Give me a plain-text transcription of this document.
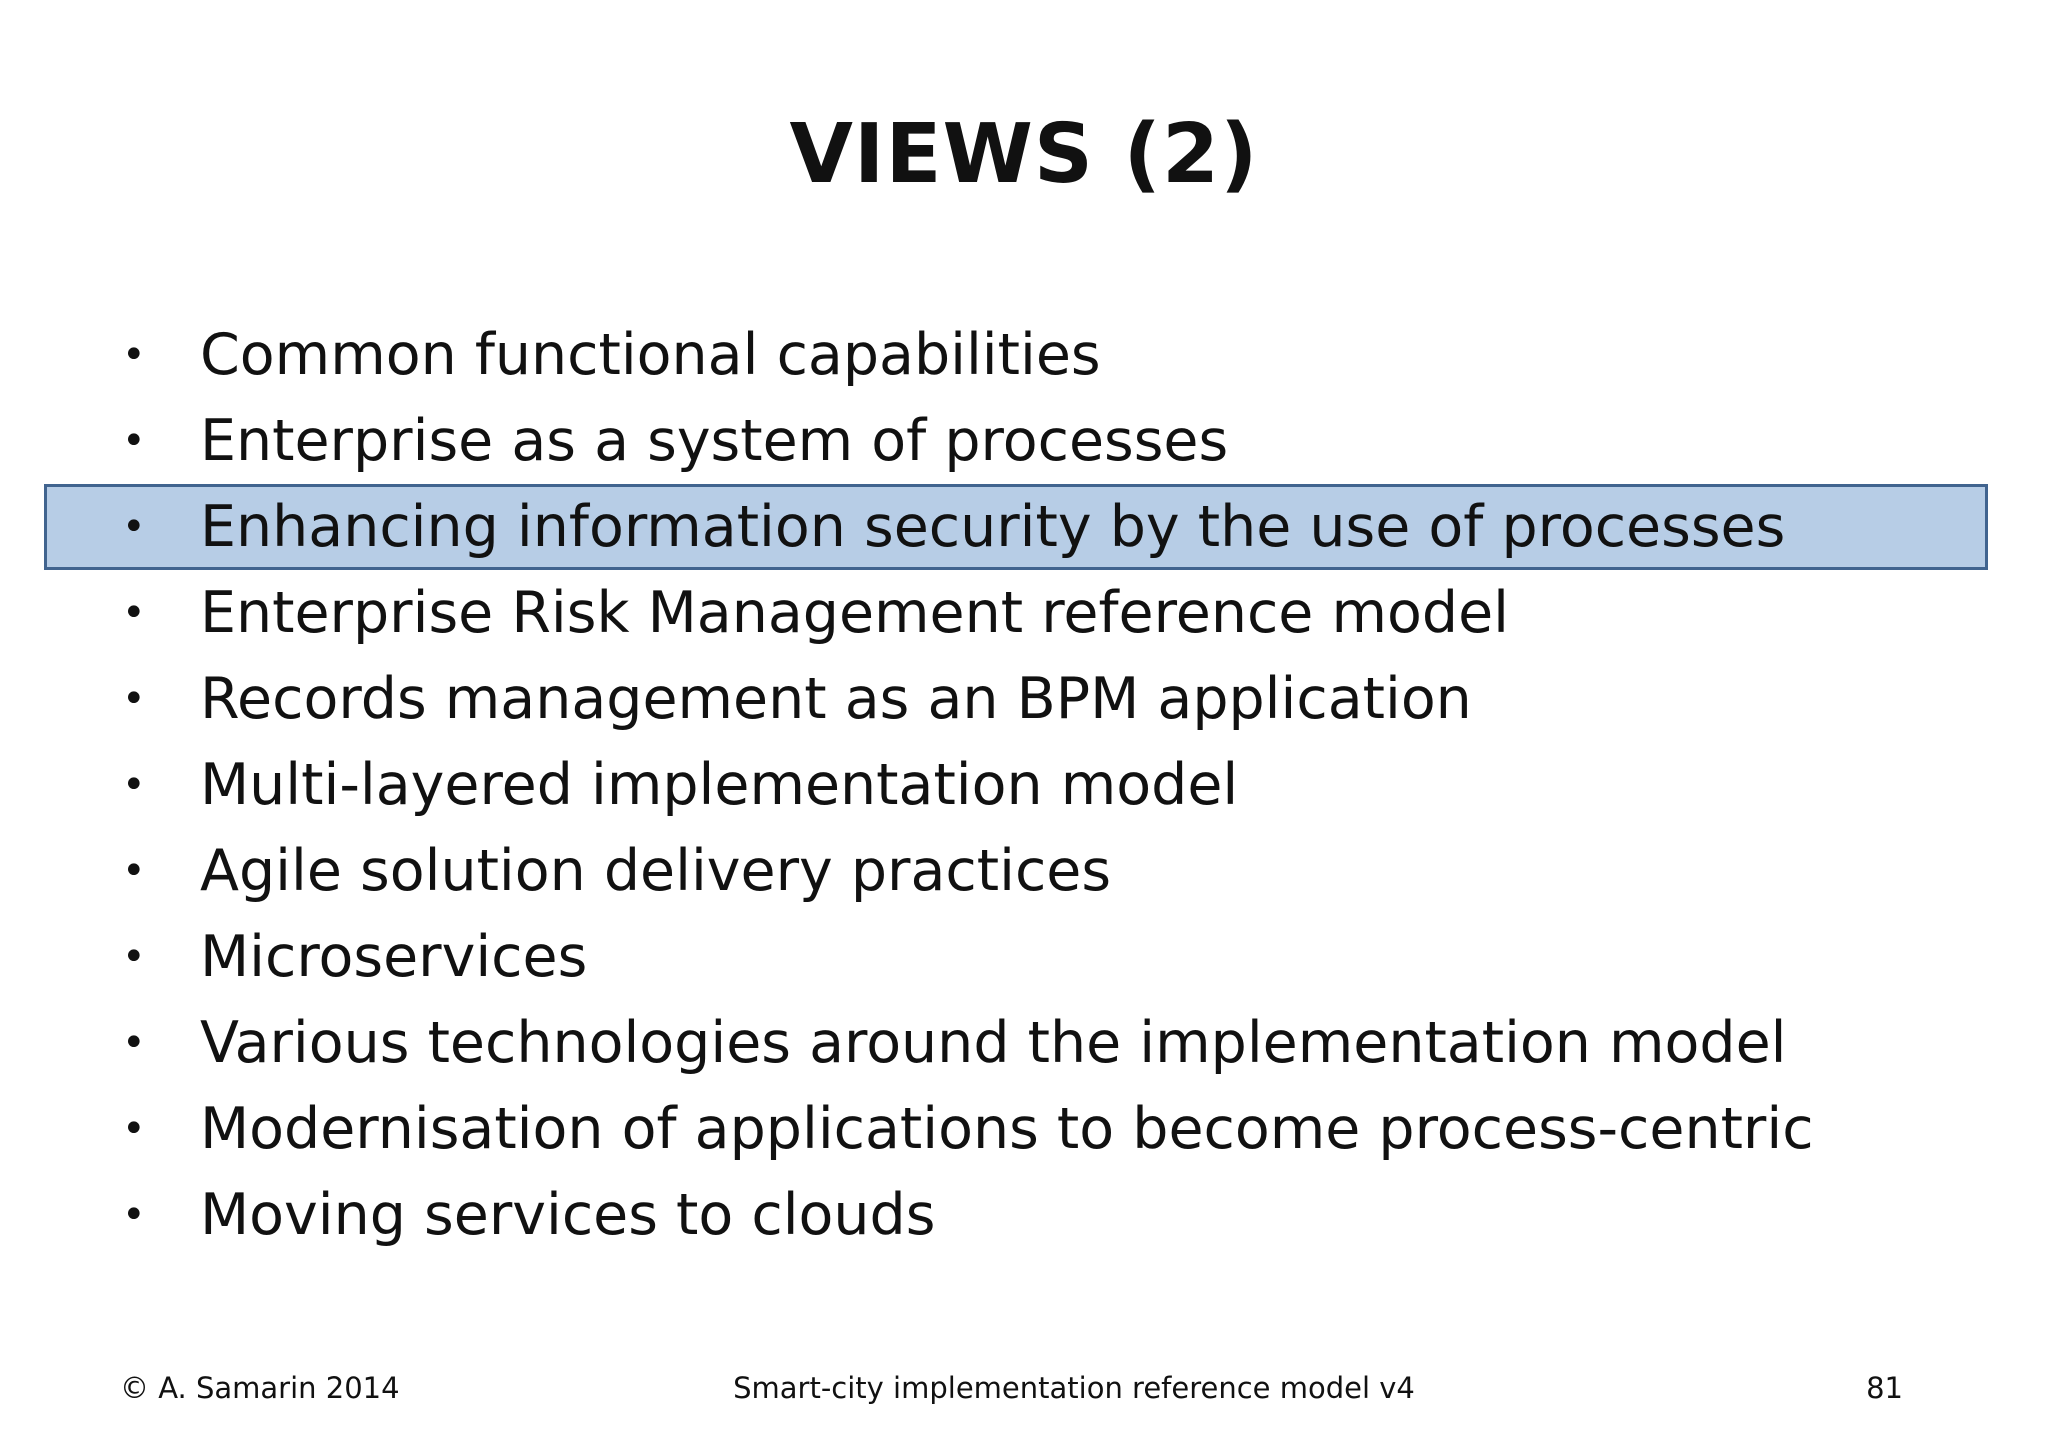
VIEWS (2)
• Common functional capabilities
• Enterprise as a system of processes
• Enhancing information security by the use of processes
• Enterprise Risk Management reference model
• Records management as an BPM application
• Multi-layered implementation model
• Agile solution delivery practices
• Microservices
• Various technologies around the implementation model
• Modernisation of applications to become process-centric
• Moving services to clouds
© A. Samarin 2014	Smart-city implementation reference model v4	81
